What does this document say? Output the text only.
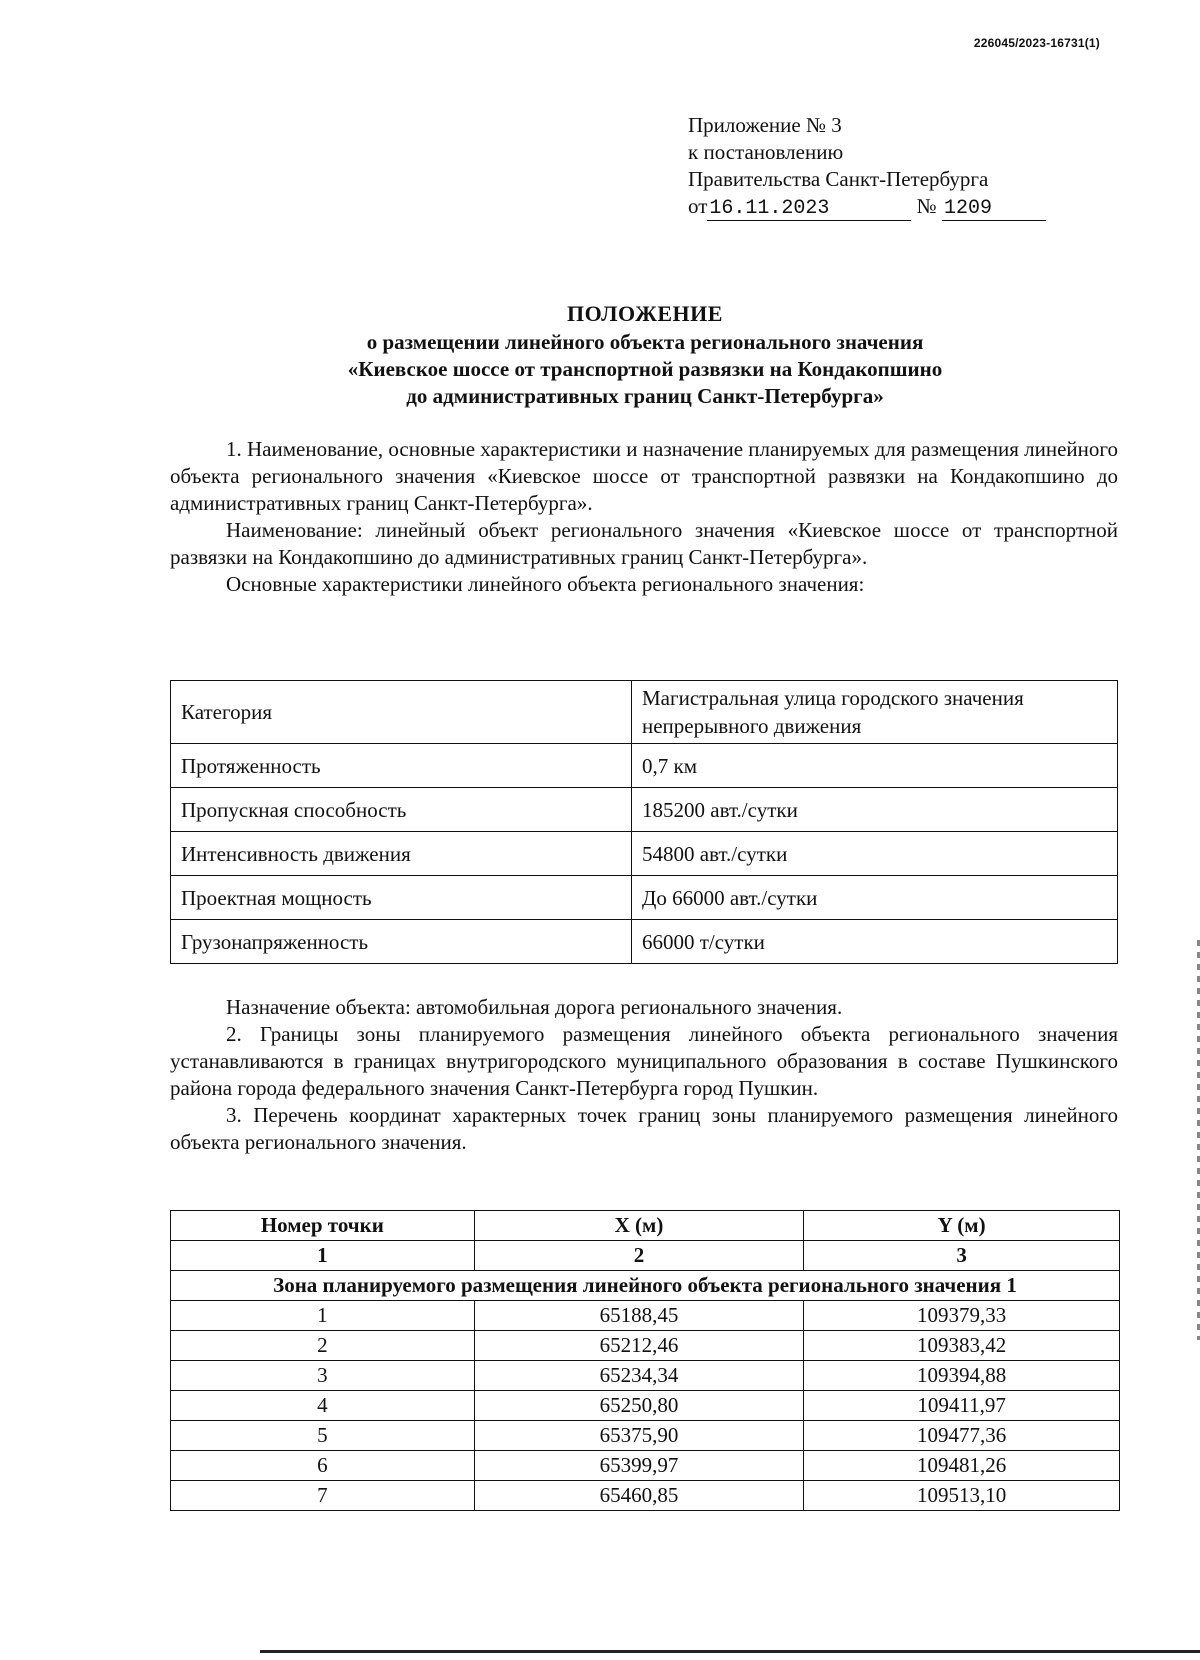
226045/2023-16731(1)
Приложение № 3
к постановлению
Правительства Санкт-Петербурга
от 16.11.2023	№ 1209
ПОЛОЖЕНИЕ
о размещении линейного объекта регионального значения
«Киевское шоссе от транспортной развязки на Кондакопшино
до административных границ Санкт-Петербурга»

1. Наименование, основные характеристики и назначение планируемых для размещения линейного объекта регионального значения «Киевское шоссе от транспортной развязки на Кондакопшино до административных границ Санкт-Петербурга».

Наименование: линейный объект регионального значения «Киевское шоссе от транспортной развязки на Кондакопшино до административных границ Санкт-Петербурга».

Основные характеристики линейного объекта регионального значения:

Категория	Магистральная улица городского значения непрерывного движения
Протяженность	0,7 км
Пропускная способность	185200 авт./сутки
Интенсивность движения	54800 авт./сутки
Проектная мощность	До 66000 авт./сутки
Грузонапряженность	66000 т/сутки

Назначение объекта: автомобильная дорога регионального значения.

2. Границы зоны планируемого размещения линейного объекта регионального значения устанавливаются в границах внутригородского муниципального образования в составе Пушкинского района города федерального значения Санкт-Петербурга город Пушкин.

3. Перечень координат характерных точек границ зоны планируемого размещения линейного объекта регионального значения.

Номер точки	X (м)	Y (м)
1	2	3
Зона планируемого размещения линейного объекта регионального значения 1		
1	65188,45	109379,33
2	65212,46	109383,42
3	65234,34	109394,88
4	65250,80	109411,97
5	65375,90	109477,36
6	65399,97	109481,26
7	65460,85	109513,10
